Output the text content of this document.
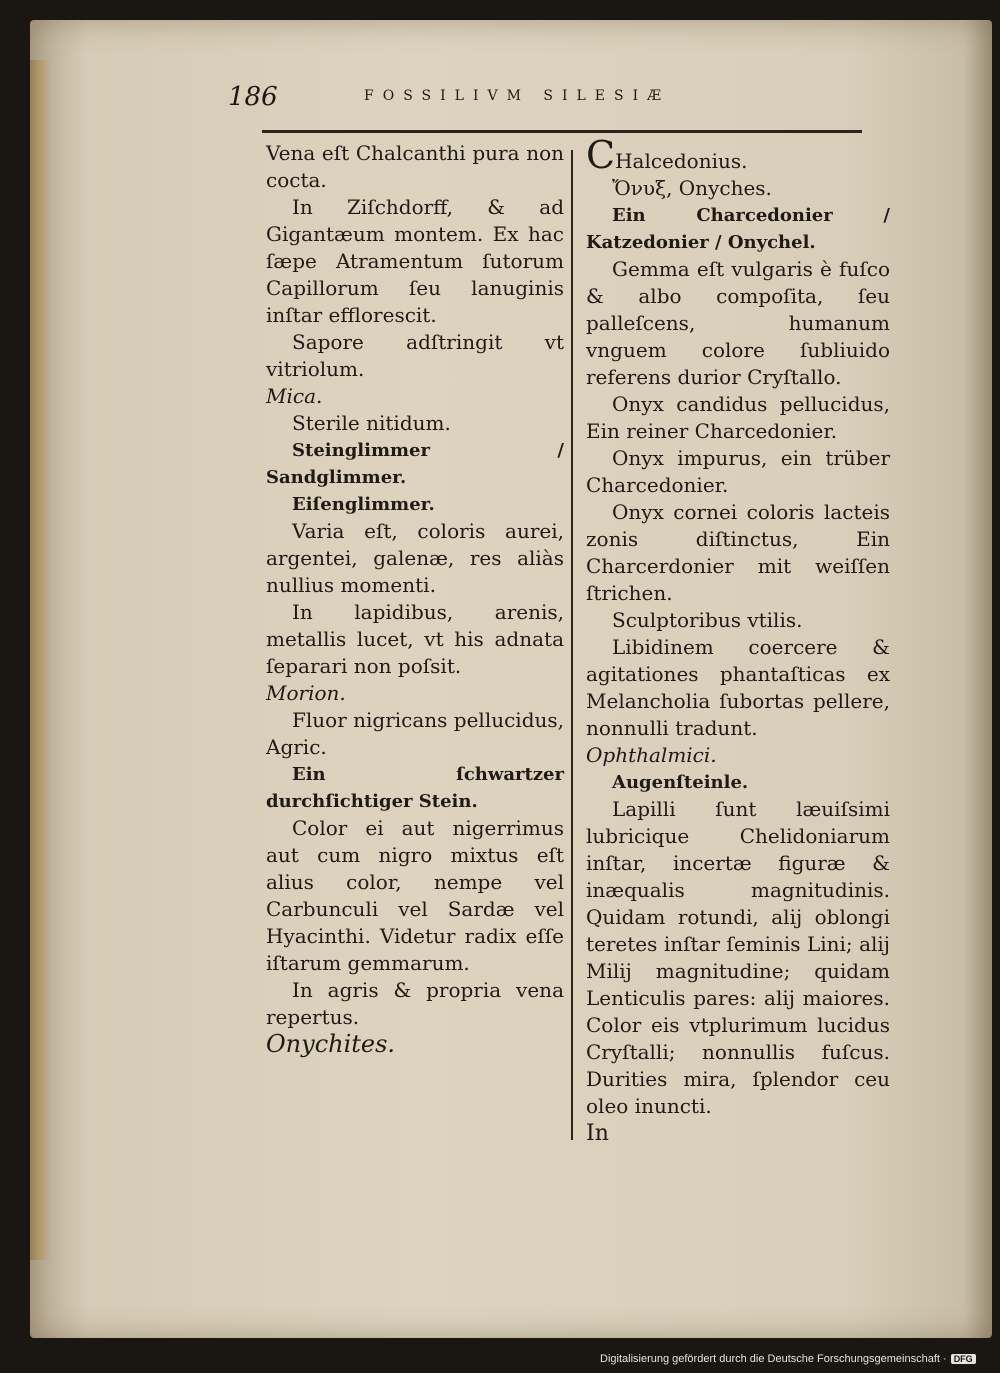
186	FOSSILIVM SILESIÆ

Vena eſt Chalcanthi pura non cocta.

In Ziſchdorff, & ad Gigantæum montem. Ex hac ſæpe Atramentum ſutorum Capillorum ſeu lanuginis inſtar efflorescit.

Sapore adſtringit vt vitriolum.

Mica.

Sterile nitidum.

Steinglimmer / Sandglimmer.

Eiſenglimmer.

Varia eſt, coloris aurei, argentei, galenæ, res aliàs nullius momenti.

In lapidibus, arenis, metallis lucet, vt his adnata ſeparari non poſsit.

Morion.

Fluor nigricans pellucidus, Agric.

Ein ſchwartzer durchſichtiger Stein.

Color ei aut nigerrimus aut cum nigro mixtus eſt alius color, nempe vel Carbunculi vel Sardæ vel Hyacinthi. Videtur radix eſſe iſtarum gemmarum.

In agris & propria vena repertus.

Onychites.

CHalcedonius.

Ὄνυξ, Onyches.

Ein Charcedonier / Katzedonier / Onychel.

Gemma eſt vulgaris è fuſco & albo compoſita, ſeu palleſcens, humanum vnguem colore ſubliuido referens durior Cryſtallo.

Onyx candidus pellucidus, Ein reiner Charcedonier.

Onyx impurus, ein trüber Charcedonier.

Onyx cornei coloris lacteis zonis diſtinctus, Ein Charcerdonier mit weiſſen ſtrichen.

Sculptoribus vtilis.

Libidinem coercere & agitationes phantaſticas ex Melancholia ſubortas pellere, nonnulli tradunt.

Ophthalmici.

Augenſteinle.

Lapilli ſunt læuiſsimi lubricique Chelidoniarum inſtar, incertæ figuræ & inæqualis magnitudinis. Quidam rotundi, alij oblongi teretes inſtar ſeminis Lini; alij Milij magnitudine; quidam Lenticulis pares: alij maiores. Color eis vtplurimum lucidus Cryſtalli; nonnullis fuſcus. Durities mira, ſplendor ceu oleo inuncti.

In

Digitalisierung gefördert durch die Deutsche Forschungsgemeinschaft · DFG
